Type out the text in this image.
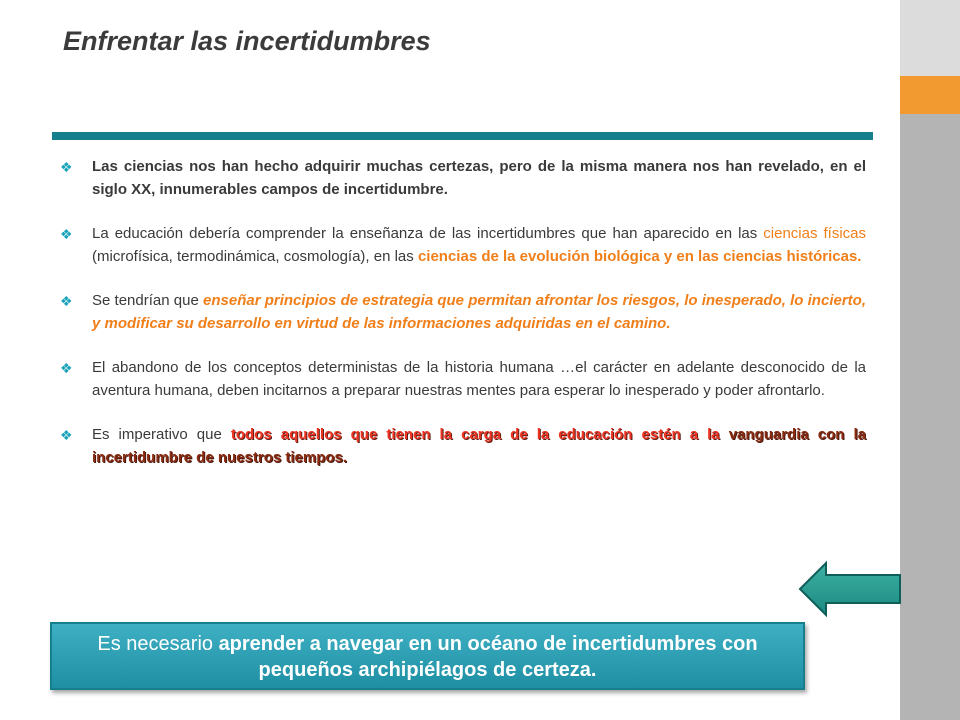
Enfrentar las incertidumbres
❖	Las ciencias nos han hecho adquirir muchas certezas, pero de la misma manera nos han revelado, en el siglo XX, innumerables campos de incertidumbre.
❖	La educación debería comprender la enseñanza de las incertidumbres que han aparecido en las ciencias físicas (microfísica, termodinámica, cosmología), en las ciencias de la evolución biológica y en las ciencias históricas.
❖	Se tendrían que enseñar principios de estrategia que permitan afrontar los riesgos, lo inesperado, lo incierto, y modificar su desarrollo en virtud de las informaciones adquiridas en el camino.
❖	El abandono de los conceptos deterministas de la historia humana …el carácter en adelante desconocido de la aventura humana, deben incitarnos a preparar nuestras mentes para esperar lo inesperado y poder afrontarlo.
❖	Es imperativo que todos aquellos que tienen la carga de la educación estén a la vanguardia con la incertidumbre de nuestros tiempos.
Es necesario aprender a navegar en un océano de incertidumbres con pequeños archipiélagos de certeza.
